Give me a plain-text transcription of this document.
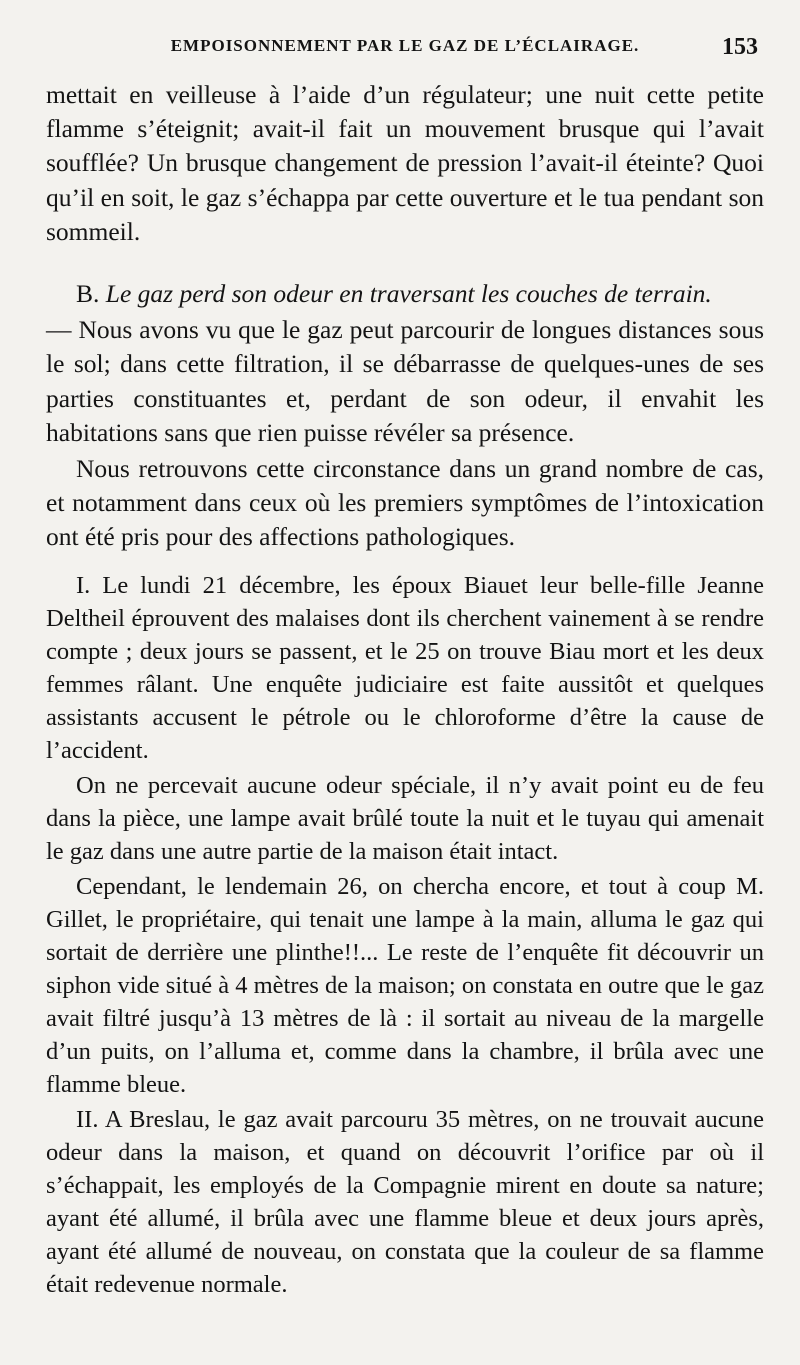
EMPOISONNEMENT PAR LE GAZ DE L’ÉCLAIRAGE.	153

mettait en veilleuse à l’aide d’un régulateur; une nuit cette petite flamme s’éteignit; avait-il fait un mouvement brusque qui l’avait soufflée? Un brusque changement de pression l’avait-il éteinte? Quoi qu’il en soit, le gaz s’échappa par cette ouverture et le tua pendant son sommeil.

B. Le gaz perd son odeur en traversant les couches de terrain.

— Nous avons vu que le gaz peut parcourir de longues distances sous le sol; dans cette filtration, il se débarrasse de quelques-unes de ses parties constituantes et, perdant de son odeur, il envahit les habitations sans que rien puisse révéler sa présence.

Nous retrouvons cette circonstance dans un grand nombre de cas, et notamment dans ceux où les premiers symptômes de l’intoxication ont été pris pour des affections pathologiques.

I. Le lundi 21 décembre, les époux Biauet leur belle-fille Jeanne Deltheil éprouvent des malaises dont ils cherchent vainement à se rendre compte ; deux jours se passent, et le 25 on trouve Biau mort et les deux femmes râlant. Une enquête judiciaire est faite aussitôt et quelques assistants accusent le pétrole ou le chloroforme d’être la cause de l’accident.

On ne percevait aucune odeur spéciale, il n’y avait point eu de feu dans la pièce, une lampe avait brûlé toute la nuit et le tuyau qui amenait le gaz dans une autre partie de la maison était intact.

Cependant, le lendemain 26, on chercha encore, et tout à coup M. Gillet, le propriétaire, qui tenait une lampe à la main, alluma le gaz qui sortait de derrière une plinthe!!... Le reste de l’enquête fit découvrir un siphon vide situé à 4 mètres de la maison; on constata en outre que le gaz avait filtré jusqu’à 13 mètres de là : il sortait au niveau de la margelle d’un puits, on l’alluma et, comme dans la chambre, il brûla avec une flamme bleue.

II. A Breslau, le gaz avait parcouru 35 mètres, on ne trouvait aucune odeur dans la maison, et quand on découvrit l’orifice par où il s’échappait, les employés de la Compagnie mirent en doute sa nature; ayant été allumé, il brûla avec une flamme bleue et deux jours après, ayant été allumé de nouveau, on constata que la couleur de sa flamme était redevenue normale.
